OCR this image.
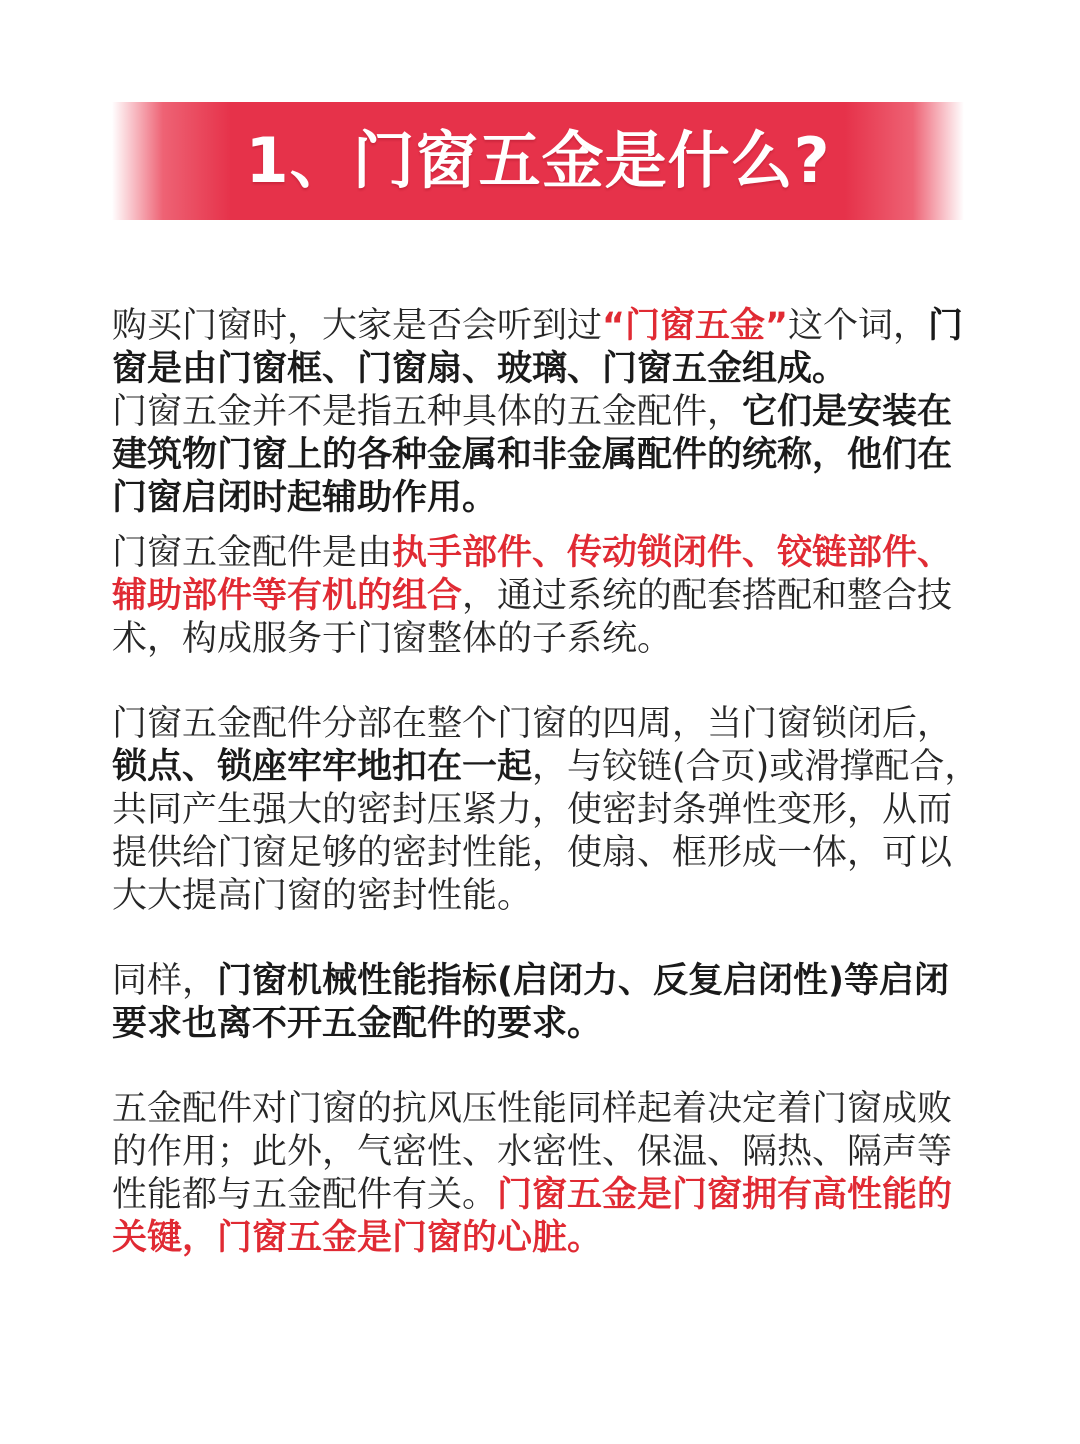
1、门窗五金是什么?

购买门窗时，大家是否会听到过“门窗五金”这个词，门窗是由门窗框、门窗扇、玻璃、门窗五金组成。

门窗五金并不是指五种具体的五金配件，它们是安装在建筑物门窗上的各种金属和非金属配件的统称，他们在门窗启闭时起辅助作用。

门窗五金配件是由执手部件、传动锁闭件、铰链部件、辅助部件等有机的组合，通过系统的配套搭配和整合技术，构成服务于门窗整体的子系统。

门窗五金配件分部在整个门窗的四周，当门窗锁闭后，锁点、锁座牢牢地扣在一起，与铰链(合页)或滑撑配合，共同产生强大的密封压紧力，使密封条弹性变形，从而提供给门窗足够的密封性能，使扇、框形成一体，可以大大提高门窗的密封性能。

同样，门窗机械性能指标(启闭力、反复启闭性)等启闭要求也离不开五金配件的要求。

五金配件对门窗的抗风压性能同样起着决定着门窗成败的作用；此外，气密性、水密性、保温、隔热、隔声等性能都与五金配件有关。门窗五金是门窗拥有高性能的关键，门窗五金是门窗的心脏。
